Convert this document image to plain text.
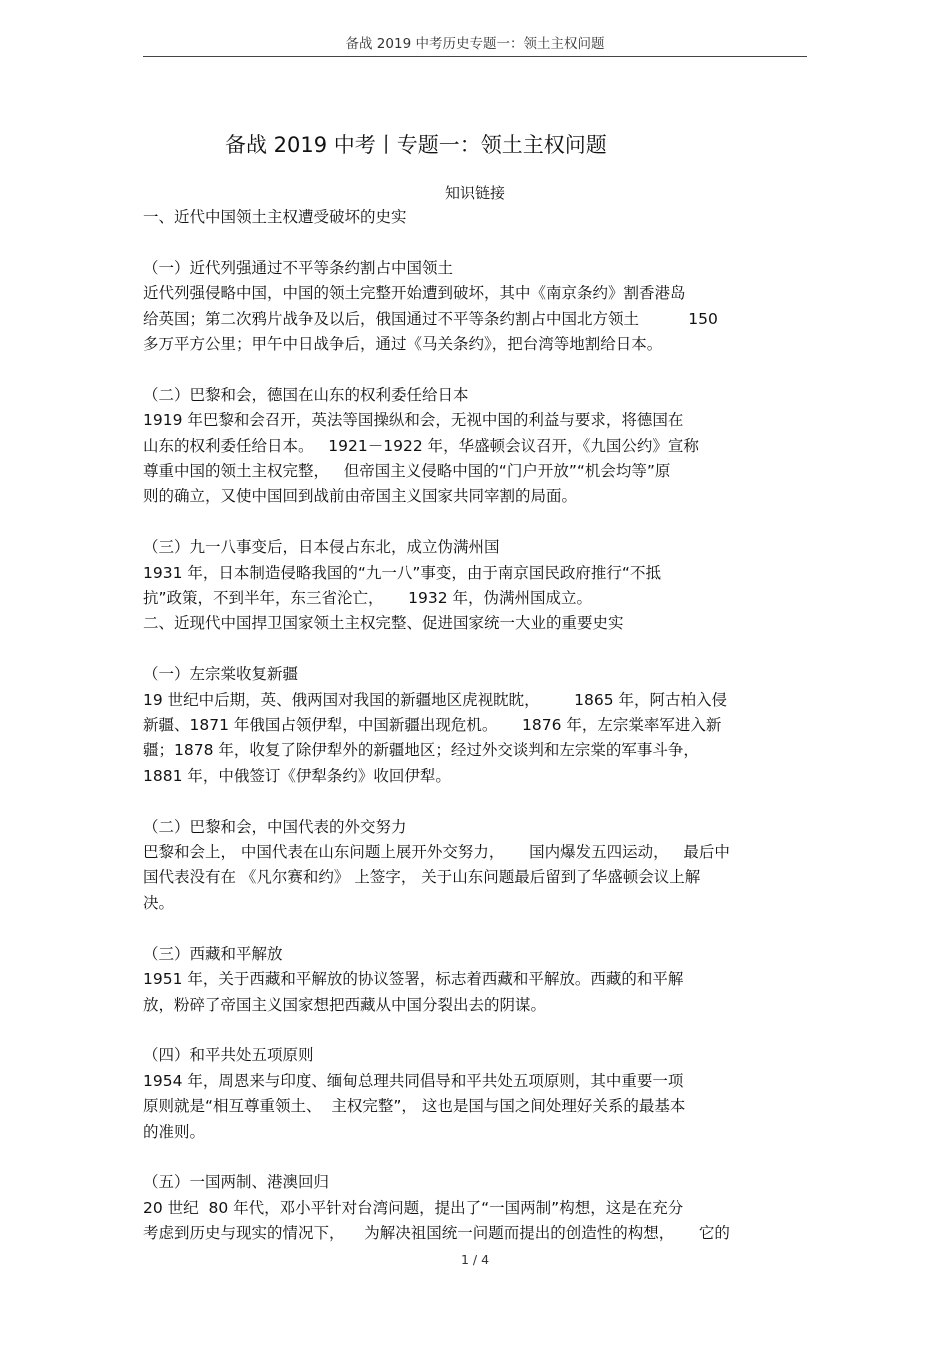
备战 2019 中考历史专题一：领土主权问题
备战 2019 中考丨专题一：领土主权问题
知识链接

一、近代中国领土主权遭受破坏的史实

（一）近代列强通过不平等条约割占中国领土

近代列强侵略中国，中国的领土完整开始遭到破坏，其中《南京条约》割香港岛

给英国；第二次鸦片战争及以后，俄国通过不平等条约割占中国北方领土          150

多万平方公里；甲午中日战争后，通过《马关条约》，把台湾等地割给日本。

（二）巴黎和会，德国在山东的权利委任给日本

1919 年巴黎和会召开，英法等国操纵和会，无视中国的利益与要求，将德国在

山东的权利委任给日本。   1921－1922 年，华盛顿会议召开，《九国公约》宣称

尊重中国的领土主权完整，   但帝国主义侵略中国的“门户开放”“机会均等”原

则的确立，又使中国回到战前由帝国主义国家共同宰割的局面。

（三）九一八事变后，日本侵占东北，成立伪满州国

1931 年，日本制造侵略我国的“九一八”事变，由于南京国民政府推行“不抵

抗”政策，不到半年，东三省沦亡，     1932 年，伪满州国成立。

二、近现代中国捍卫国家领土主权完整、促进国家统一大业的重要史实

（一）左宗棠收复新疆

19 世纪中后期，英、俄两国对我国的新疆地区虎视眈眈，       1865 年，阿古柏入侵

新疆、1871 年俄国占领伊犁，中国新疆出现危机。     1876 年，左宗棠率军进入新

疆；1878 年，收复了除伊犁外的新疆地区；经过外交谈判和左宗棠的军事斗争，

1881 年，中俄签订《伊犁条约》收回伊犁。

（二）巴黎和会，中国代表的外交努力

巴黎和会上， 中国代表在山东问题上展开外交努力，     国内爆发五四运动，   最后中

国代表没有在 《凡尔赛和约》 上签字， 关于山东问题最后留到了华盛顿会议上解

决。

（三）西藏和平解放

1951 年，关于西藏和平解放的协议签署，标志着西藏和平解放。西藏的和平解

放，粉碎了帝国主义国家想把西藏从中国分裂出去的阴谋。

（四）和平共处五项原则

1954 年，周恩来与印度、缅甸总理共同倡导和平共处五项原则，其中重要一项

原则就是“相互尊重领土、  主权完整”， 这也是国与国之间处理好关系的最基本

的准则。

（五）一国两制、港澳回归

20 世纪  80 年代，邓小平针对台湾问题，提出了“一国两制”构想，这是在充分

考虑到历史与现实的情况下，    为解决祖国统一问题而提出的创造性的构想，     它的

1 / 4
